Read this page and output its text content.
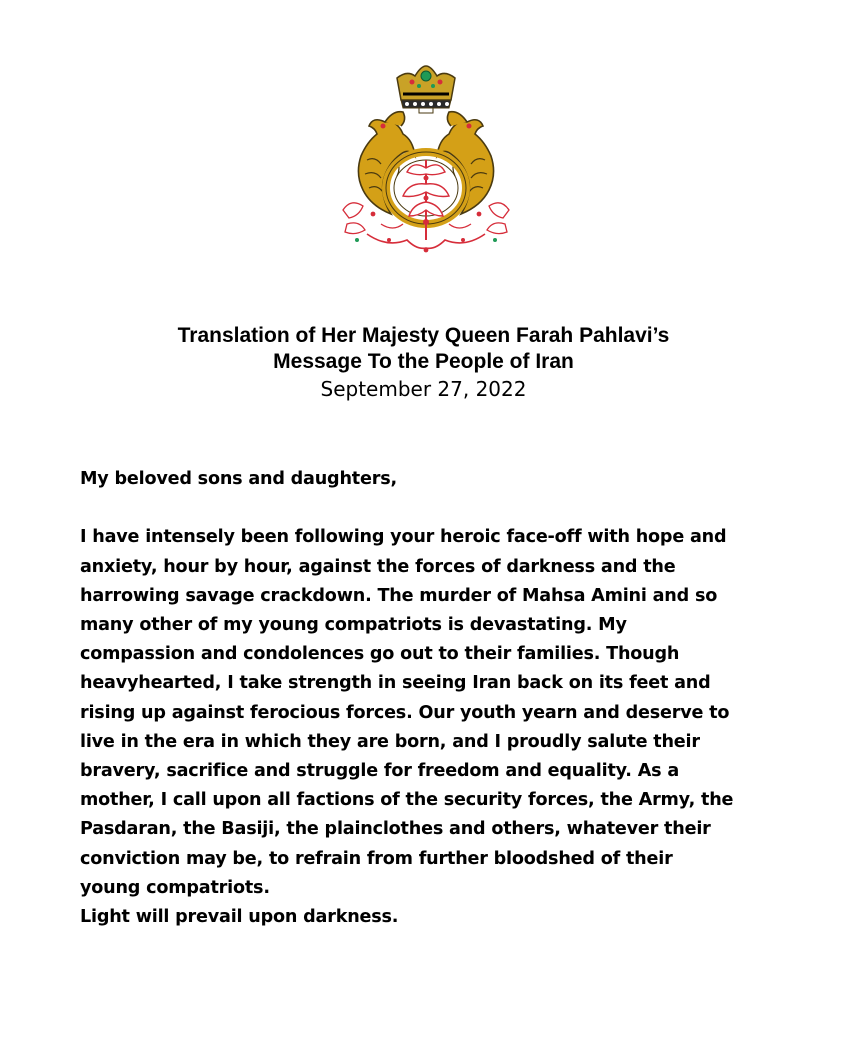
Translation of Her Majesty Queen Farah Pahlavi’s

Message To the People of Iran

September 27, 2022

My beloved sons and daughters,

I have intensely been following your heroic face-off with hope and
anxiety, hour by hour, against the forces of darkness and the
harrowing savage crackdown. The murder of Mahsa Amini and so
many other of my young compatriots is devastating. My
compassion and condolences go out to their families. Though
heavyhearted, I take strength in seeing Iran back on its feet and
rising up against ferocious forces. Our youth yearn and deserve to
live in the era in which they are born, and I proudly salute their
bravery, sacrifice and struggle for freedom and equality. As a
mother, I call upon all factions of the security forces, the Army, the
Pasdaran, the Basiji, the plainclothes and others, whatever their
conviction may be, to refrain from further bloodshed of their
young compatriots.

Light will prevail upon darkness.
